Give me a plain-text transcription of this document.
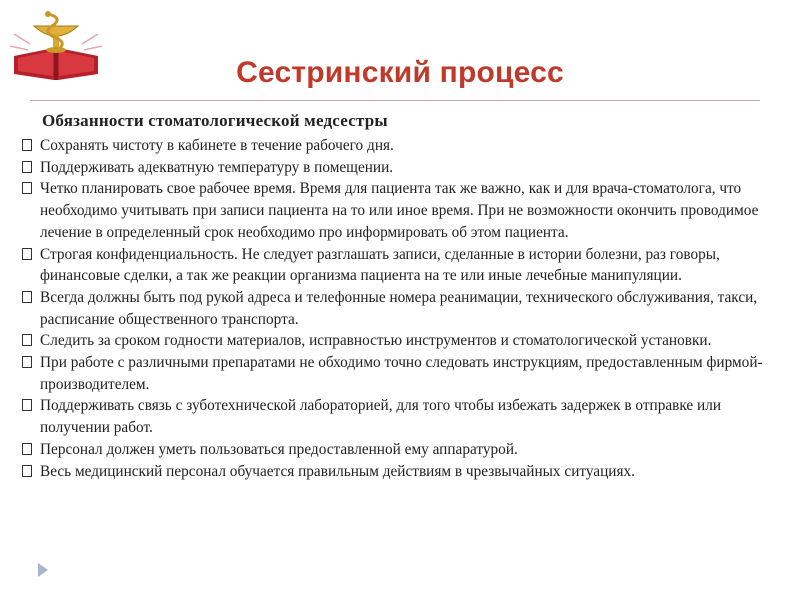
Сестринский процесс
Обязанности стоматологической медсестры
Сохранять чистоту в кабинете в течение рабочего дня.
Поддерживать адекватную температуру в помещении.
Четко планировать свое рабочее время. Время для пациента так же важно, как и для врача-стоматолога, что необходимо учитывать при записи пациента на то или иное время. При не возможности окончить проводимое лечение в определенный срок необходимо про информировать об этом пациента.
Строгая конфиденциальность. Не следует разглашать записи, сделанные в истории болезни, раз говоры, финансовые сделки, а так же реакции организма пациента на те или иные лечебные манипуляции.
Всегда должны быть под рукой адреса и телефонные номера реанимации, технического обслуживания, такси, расписание общественного транспорта.
Следить за сроком годности материалов, исправностью инструментов и стоматологической установки.
При работе с различными препаратами не обходимо точно следовать инструкциям, предоставленным фирмой-производителем.
Поддерживать связь с зуботехнической лабораторией, для того чтобы избежать задержек в отправке или получении работ.
Персонал должен уметь пользоваться предоставленной ему аппаратурой.
Весь медицинский персонал обучается правильным действиям в чрезвычайных ситуациях.
